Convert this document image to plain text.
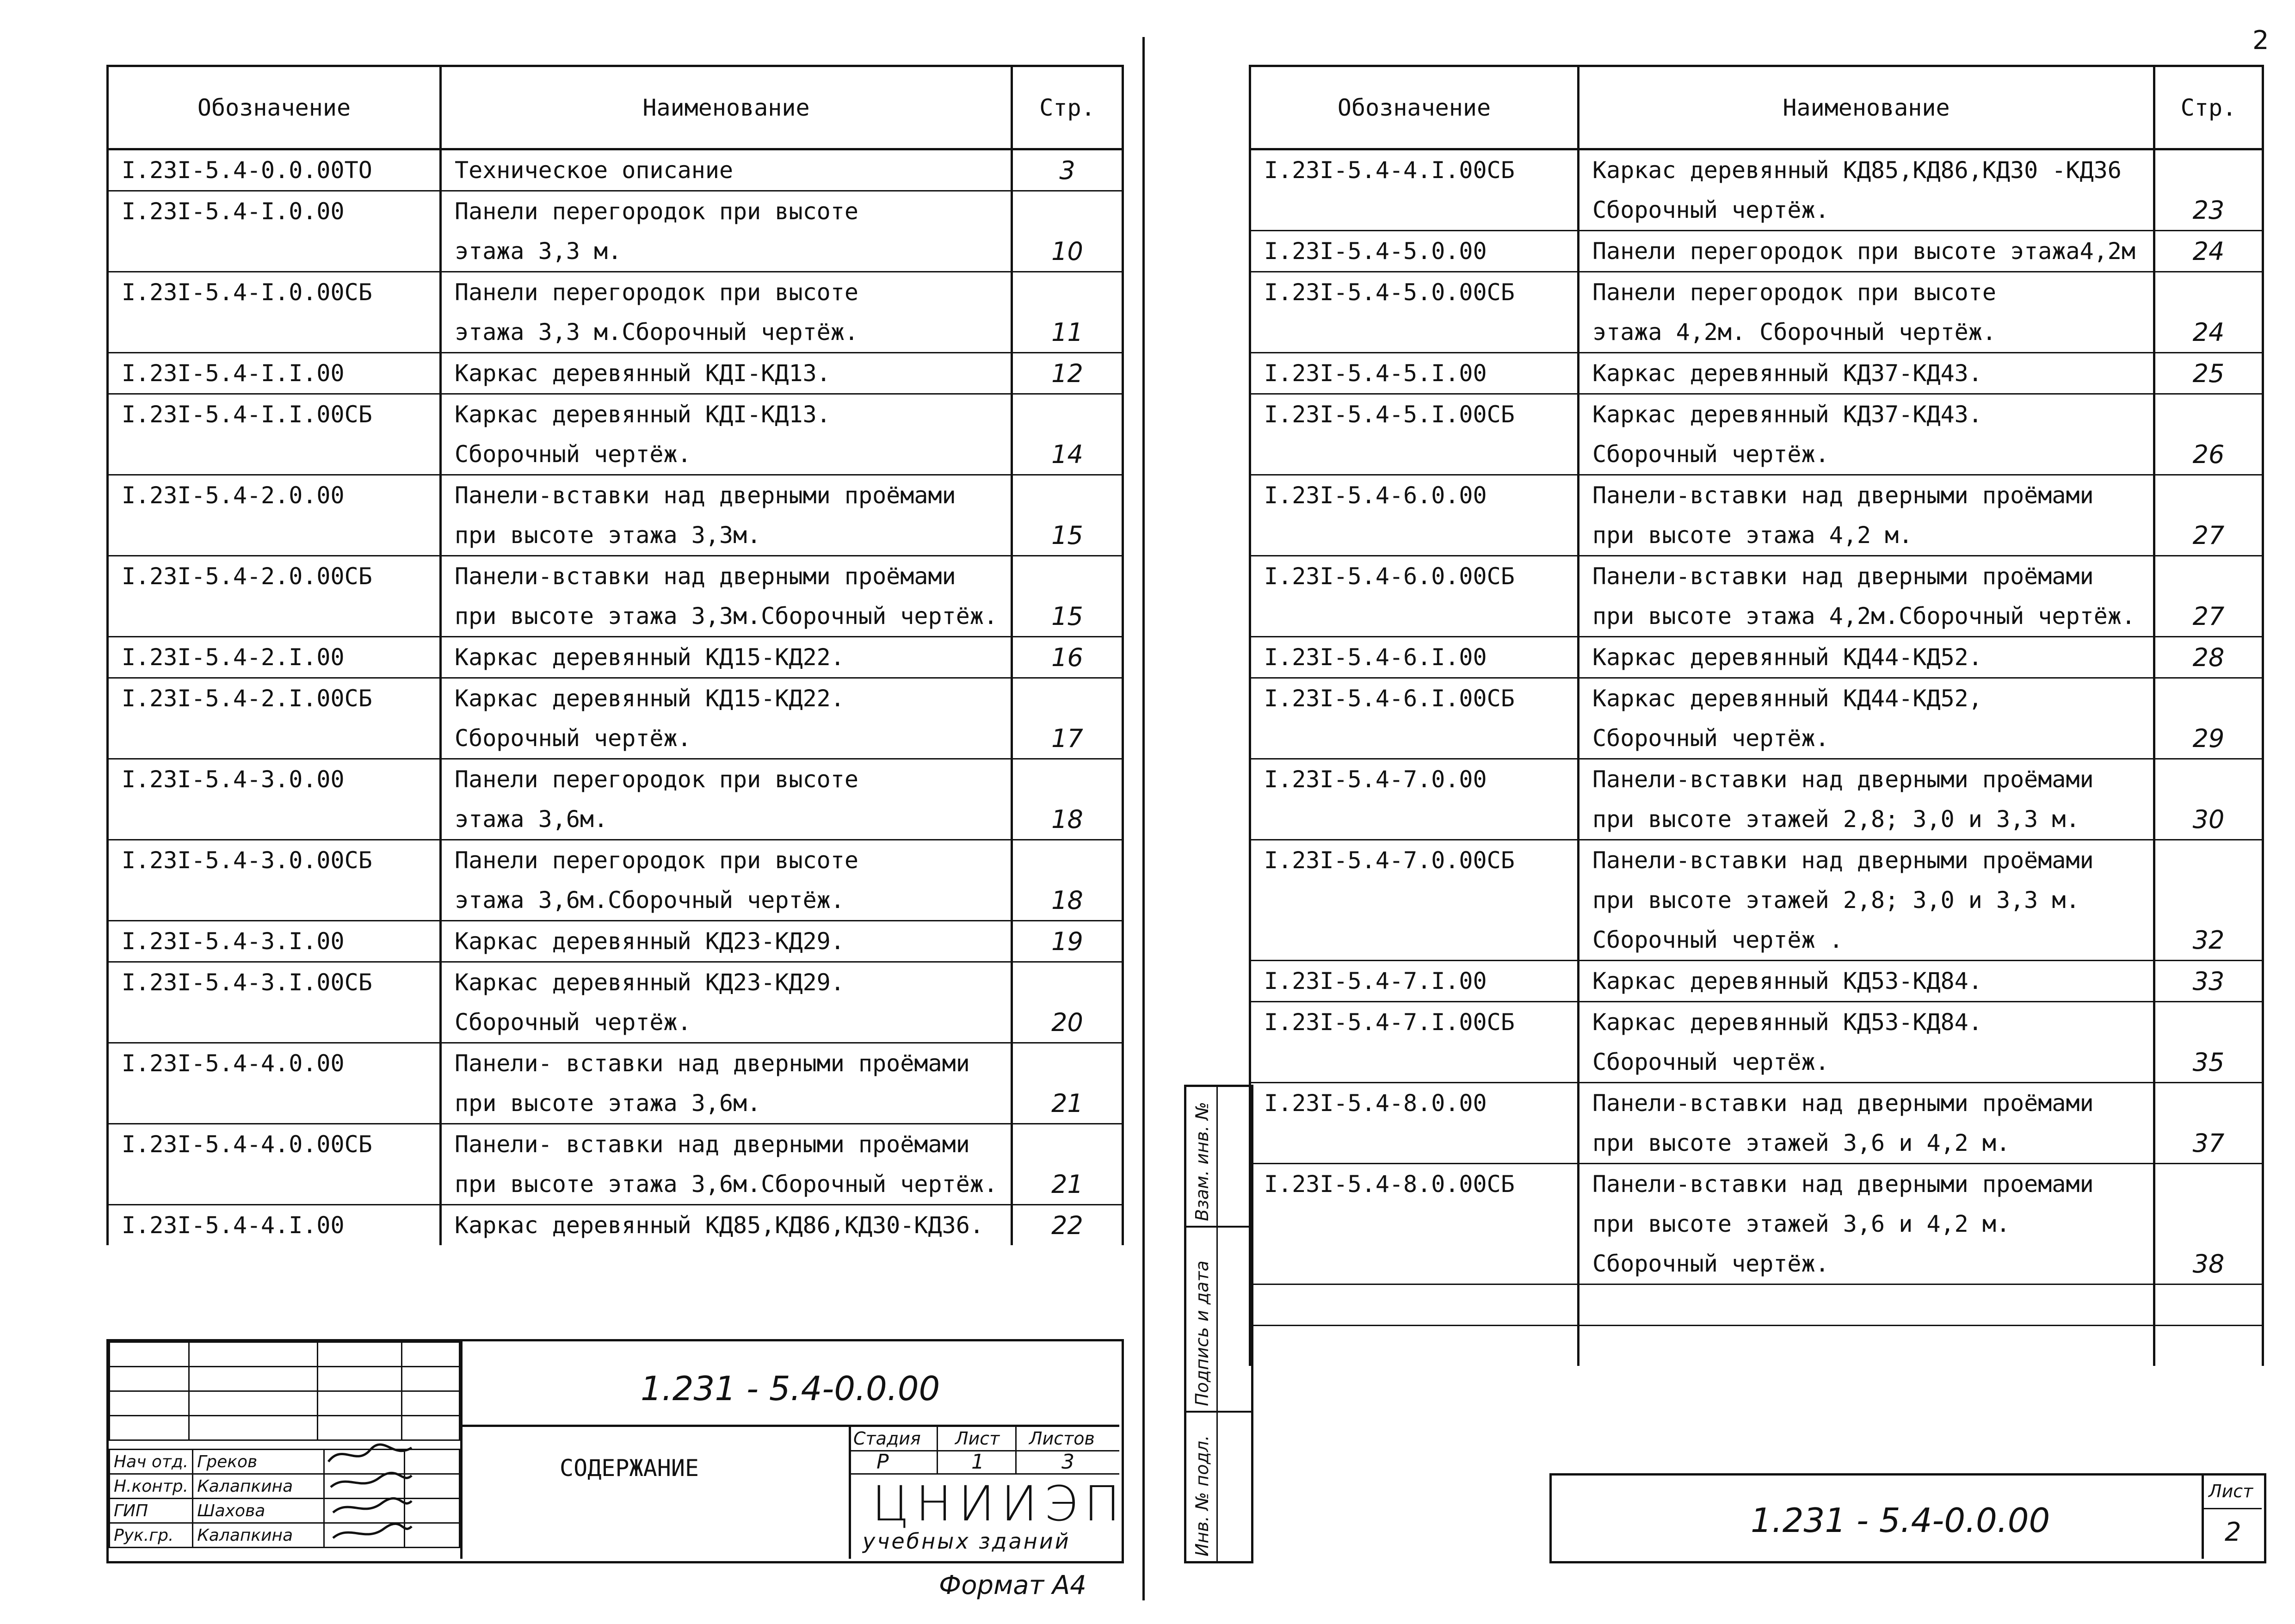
2
Обозначение	Наименование	Стр.
I.23I-5.4-0.0.00ТО	Техническое описание	3
I.23I-5.4-I.0.00	Панели перегородок при высоте	
	этажа 3,3 м.	10
I.23I-5.4-I.0.00СБ	Панели перегородок при высоте	
	этажа 3,3 м.Сборочный чертёж.	11
I.23I-5.4-I.I.00	Каркас деревянный КДI-КД13.	12
I.23I-5.4-I.I.00СБ	Каркас деревянный КДI-КД13.	
	Сборочный чертёж.	14
I.23I-5.4-2.0.00	Панели-вставки над дверными проёмами	
	при высоте этажа 3,3м.	15
I.23I-5.4-2.0.00СБ	Панели-вставки над дверными проёмами	
	при высоте этажа 3,3м.Сборочный чертёж.	15
I.23I-5.4-2.I.00	Каркас деревянный КД15-КД22.	16
I.23I-5.4-2.I.00СБ	Каркас деревянный КД15-КД22.	
	Сборочный чертёж.	17
I.23I-5.4-3.0.00	Панели перегородок при высоте	
	этажа 3,6м.	18
I.23I-5.4-3.0.00СБ	Панели перегородок при высоте	
	этажа 3,6м.Сборочный чертёж.	18
I.23I-5.4-3.I.00	Каркас деревянный КД23-КД29.	19
I.23I-5.4-3.I.00СБ	Каркас деревянный КД23-КД29.	
	Сборочный чертёж.	20
I.23I-5.4-4.0.00	Панели- вставки над дверными проёмами	
	при высоте этажа 3,6м.	21
I.23I-5.4-4.0.00СБ	Панели- вставки над дверными проёмами	
	при высоте этажа 3,6м.Сборочный чертёж.	21
I.23I-5.4-4.I.00	Каркас деревянный КД85,КД86,КД30-КД36.	22

Нач отд.	Греков		
Н.контр.	Калапкина		
ГИП	Шахова		
Рук.гр.	Калапкина		
1.231 - 5.4-0.0.00
СОДЕРЖАНИЕ
Стадия Лист Листов
Р	1	3
ЦНИИЭП
учебных зданий
Формат А4
Обозначение	Наименование	Стр.
I.23I-5.4-4.I.00СБ	Каркас деревянный КД85,КД86,КД30 -КД36	
	Сборочный чертёж.	23
I.23I-5.4-5.0.00	Панели перегородок при высоте этажа4,2м	24
I.23I-5.4-5.0.00СБ	Панели перегородок при высоте	
	этажа 4,2м. Сборочный чертёж.	24
I.23I-5.4-5.I.00	Каркас деревянный КД37-КД43.	25
I.23I-5.4-5.I.00СБ	Каркас деревянный КД37-КД43.	
	Сборочный чертёж.	26
I.23I-5.4-6.0.00	Панели-вставки над дверными проёмами	
	при высоте этажа 4,2 м.	27
I.23I-5.4-6.0.00СБ	Панели-вставки над дверными проёмами	
	при высоте этажа 4,2м.Сборочный чертёж.	27
I.23I-5.4-6.I.00	Каркас деревянный КД44-КД52.	28
I.23I-5.4-6.I.00СБ	Каркас деревянный КД44-КД52,	
	Сборочный чертёж.	29
I.23I-5.4-7.0.00	Панели-вставки над дверными проёмами	
	при высоте этажей 2,8; 3,0 и 3,3 м.	30
I.23I-5.4-7.0.00СБ	Панели-вставки над дверными проёмами	
	при высоте этажей 2,8; 3,0 и 3,3 м.	
	Сборочный чертёж .	32
I.23I-5.4-7.I.00	Каркас деревянный КД53-КД84.	33
I.23I-5.4-7.I.00СБ	Каркас деревянный КД53-КД84.	
	Сборочный чертёж.	35
I.23I-5.4-8.0.00	Панели-вставки над дверными проёмами	
	при высоте этажей 3,6 и 4,2 м.	37
I.23I-5.4-8.0.00СБ	Панели-вставки над дверными проемами	
	при высоте этажей 3,6 и 4,2 м.	
	Сборочный чертёж.	38

1.231 - 5.4-0.0.00
Лист
2
Взам. инв. №
Подпись и дата
Инв. № подл.
